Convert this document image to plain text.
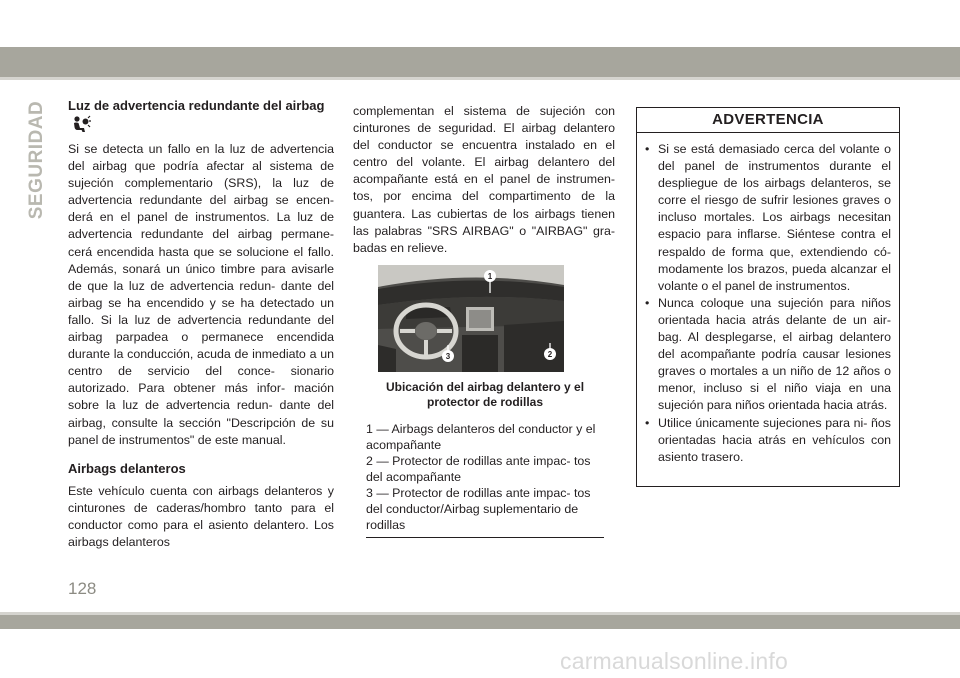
SEGURIDAD Luz de advertencia redundante del airbag

Si se detecta un fallo en la luz de advertencia del airbag que podría afectar al sistema de sujeción complementario (SRS), la luz de advertencia redundante del airbag se encen- derá en el panel de instrumentos. La luz de advertencia redundante del airbag permane- cerá encendida hasta que se solucione el fallo. Además, sonará un único timbre para avisarle de que la luz de advertencia redun- dante del airbag se ha encendido y se ha detectado un fallo. Si la luz de advertencia redundante del airbag parpadea o permanece encendida durante la conducción, acuda de inmediato a un centro de servicio del conce- sionario autorizado. Para obtener más infor- mación sobre la luz de advertencia redun- dante del airbag, consulte la sección "Descripción de su panel de instrumentos" de este manual.

Airbags delanteros

Este vehículo cuenta con airbags delanteros y cinturones de caderas/hombro tanto para el conductor como para el asiento delantero. Los airbags delanteros

complementan el sistema de sujeción con cinturones de seguridad. El airbag delantero del conductor se encuentra instalado en el centro del volante. El airbag delantero del acompañante está en el panel de instrumen- tos, por encima del compartimento de la guantera. Las cubiertas de los airbags tienen las palabras "SRS AIRBAG" o "AIRBAG" gra- badas en relieve.

1
2
3
Ubicación del airbag delantero y el protector de rodillas
1 — Airbags delanteros del conductor y el acompañante
2 — Protector de rodillas ante impac- tos del acompañante
3 — Protector de rodillas ante impac- tos del conductor/Airbag suplementario de rodillas
ADVERTENCIA
• Si se está demasiado cerca del volante o del panel de instrumentos durante el despliegue de los airbags delanteros, se corre el riesgo de sufrir lesiones graves o incluso mortales. Los airbags necesitan espacio para inflarse. Siéntese contra el respaldo de forma que, extendiendo có- modamente los brazos, pueda alcanzar el volante o el panel de instrumentos.
• Nunca coloque una sujeción para niños orientada hacia atrás delante de un air- bag. Al desplegarse, el airbag delantero del acompañante podría causar lesiones graves o mortales a un niño de 12 años o menor, incluso si el niño viaja en una sujeción para niños orientada hacia atrás.
• Utilice únicamente sujeciones para ni- ños orientadas hacia atrás en vehículos con asiento trasero.
128
carmanualsonline.info
